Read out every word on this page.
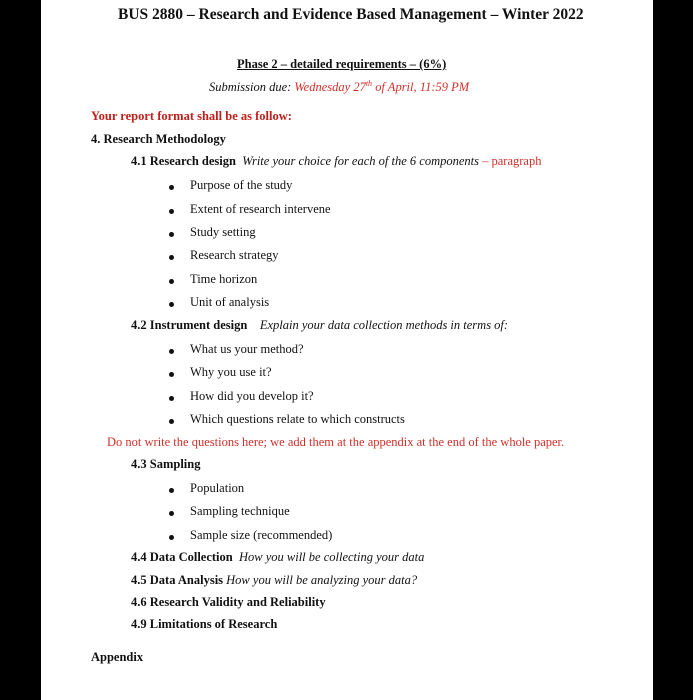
BUS 2880 – Research and Evidence Based Management – Winter 2022

Phase 2 – detailed requirements – (6%)

Submission due: Wednesday 27th of April, 11:59 PM

Your report format shall be as follow:

4. Research Methodology

4.1 Research design Write your choice for each of the 6 components – paragraph

Purpose of the study

Extent of research intervene

Study setting

Research strategy

Time horizon

Unit of analysis

4.2 Instrument design Explain your data collection methods in terms of:

What us your method?

Why you use it?

How did you develop it?

Which questions relate to which constructs

Do not write the questions here; we add them at the appendix at the end of the whole paper.

4.3 Sampling

Population

Sampling technique

Sample size (recommended)

4.4 Data Collection How you will be collecting your data

4.5 Data Analysis How you will be analyzing your data?

4.6 Research Validity and Reliability

4.9 Limitations of Research

Appendix
